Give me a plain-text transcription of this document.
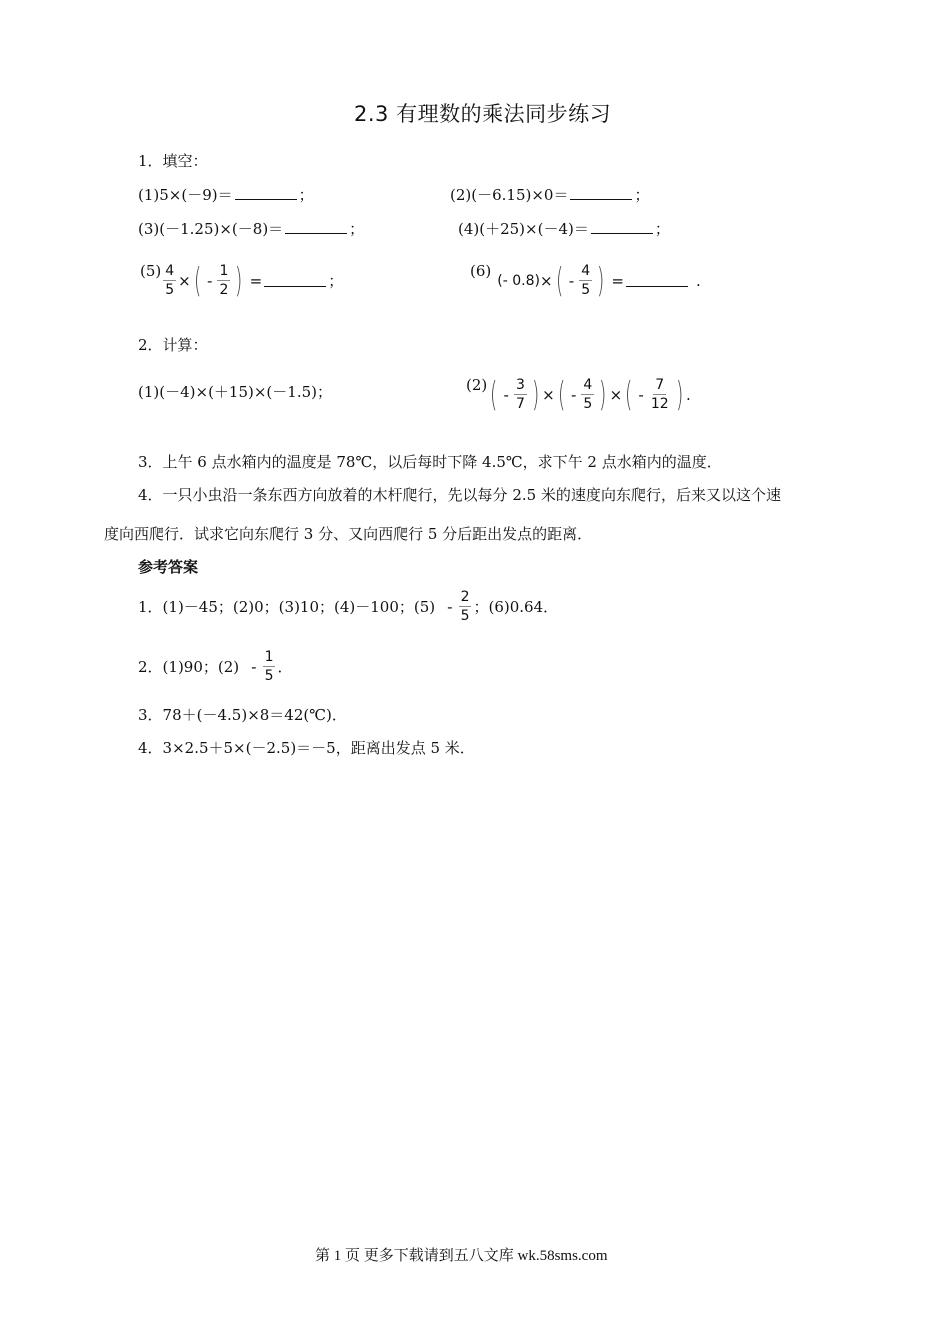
2.3 有理数的乘法同步练习
1．填空：
(1)5×(－9)＝	；	(2)(－6.15)×0＝	；
(3)(－1.25)×(－8)＝	；	(4)(＋25)×(－4)＝	；
$(5) \frac{4}{5}$ × ( - $\frac{1}{2}$ ) =	；
(6)
(- 0.8) × ( - $\frac{4}{5}$ ) =	.
2．计算：
(1)(－4)×(＋15)×(－1.5)；	(2) ( - $\frac{3}{7}$ ) × ( - $\frac{4}{5}$ ) × ( - $\frac{7}{12}$ ) .
3．上午 6 点水箱内的温度是 78℃，以后每时下降 4.5℃，求下午 2 点水箱内的温度．
4．一只小虫沿一条东西方向放着的木杆爬行，先以每分 2.5 米的速度向东爬行，后来又以这个速
度向西爬行．试求它向东爬行 3 分、又向西爬行 5 分后距出发点的距离．
参考答案
1．(1)－45；(2)0；(3)10；(4)－100；$(5) - \frac{2}{5}$ ；(6)0.64．
2．(1)90；$(2) - \frac{1}{5}$ ．
3．78＋(－4.5)×8＝42(℃)．
4．3×2.5＋5×(－2.5)＝－5，距离出发点 5 米．
第 1 页 更多下载请到五八文库 wk.58sms.com
